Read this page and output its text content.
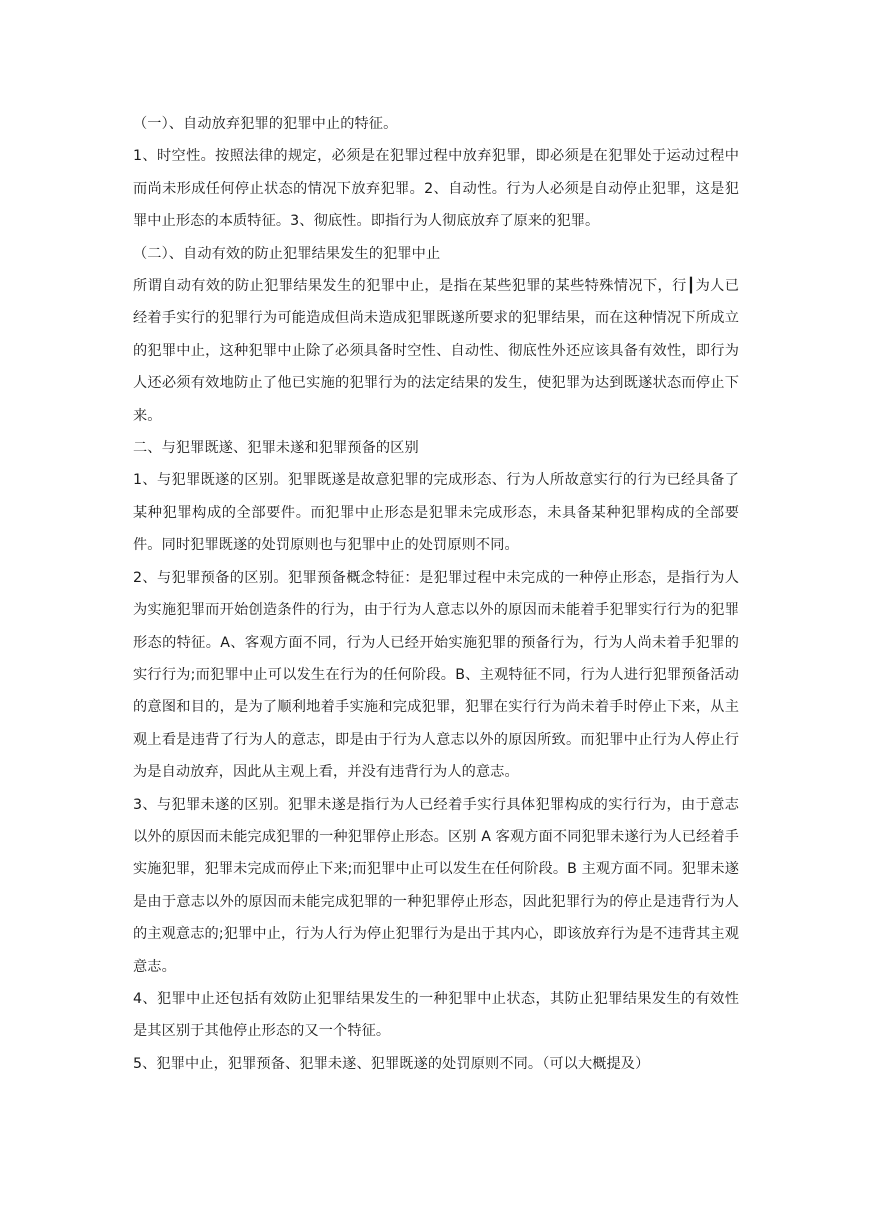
（一）、自动放弃犯罪的犯罪中止的特征。

1、时空性。按照法律的规定，必须是在犯罪过程中放弃犯罪，即必须是在犯罪处于运动过程中而尚未形成任何停止状态的情况下放弃犯罪。2、自动性。行为人必须是自动停止犯罪，这是犯罪中止形态的本质特征。3、彻底性。即指行为人彻底放弃了原来的犯罪。

（二）、自动有效的防止犯罪结果发生的犯罪中止

所谓自动有效的防止犯罪结果发生的犯罪中止，是指在某些犯罪的某些特殊情况下，行┃为人已经着手实行的犯罪行为可能造成但尚未造成犯罪既遂所要求的犯罪结果，而在这种情况下所成立的犯罪中止，这种犯罪中止除了必须具备时空性、自动性、彻底性外还应该具备有效性，即行为人还必须有效地防止了他已实施的犯罪行为的法定结果的发生，使犯罪为达到既遂状态而停止下来。

二、与犯罪既遂、犯罪未遂和犯罪预备的区别

1、与犯罪既遂的区别。犯罪既遂是故意犯罪的完成形态、行为人所故意实行的行为已经具备了某种犯罪构成的全部要件。而犯罪中止形态是犯罪未完成形态，未具备某种犯罪构成的全部要件。同时犯罪既遂的处罚原则也与犯罪中止的处罚原则不同。

2、与犯罪预备的区别。犯罪预备概念特征：是犯罪过程中未完成的一种停止形态，是指行为人为实施犯罪而开始创造条件的行为，由于行为人意志以外的原因而未能着手犯罪实行行为的犯罪形态的特征。A、客观方面不同，行为人已经开始实施犯罪的预备行为，行为人尚未着手犯罪的实行行为;而犯罪中止可以发生在行为的任何阶段。B、主观特征不同，行为人进行犯罪预备活动的意图和目的，是为了顺利地着手实施和完成犯罪，犯罪在实行行为尚未着手时停止下来，从主观上看是违背了行为人的意志，即是由于行为人意志以外的原因所致。而犯罪中止行为人停止行为是自动放弃，因此从主观上看，并没有违背行为人的意志。

3、与犯罪未遂的区别。犯罪未遂是指行为人已经着手实行具体犯罪构成的实行行为，由于意志以外的原因而未能完成犯罪的一种犯罪停止形态。区别 A 客观方面不同犯罪未遂行为人已经着手实施犯罪，犯罪未完成而停止下来;而犯罪中止可以发生在任何阶段。B 主观方面不同。犯罪未遂是由于意志以外的原因而未能完成犯罪的一种犯罪停止形态，因此犯罪行为的停止是违背行为人的主观意志的;犯罪中止，行为人行为停止犯罪行为是出于其内心，即该放弃行为是不违背其主观意志。

4、犯罪中止还包括有效防止犯罪结果发生的一种犯罪中止状态，其防止犯罪结果发生的有效性是其区别于其他停止形态的又一个特征。

5、犯罪中止，犯罪预备、犯罪未遂、犯罪既遂的处罚原则不同。（可以大概提及）
